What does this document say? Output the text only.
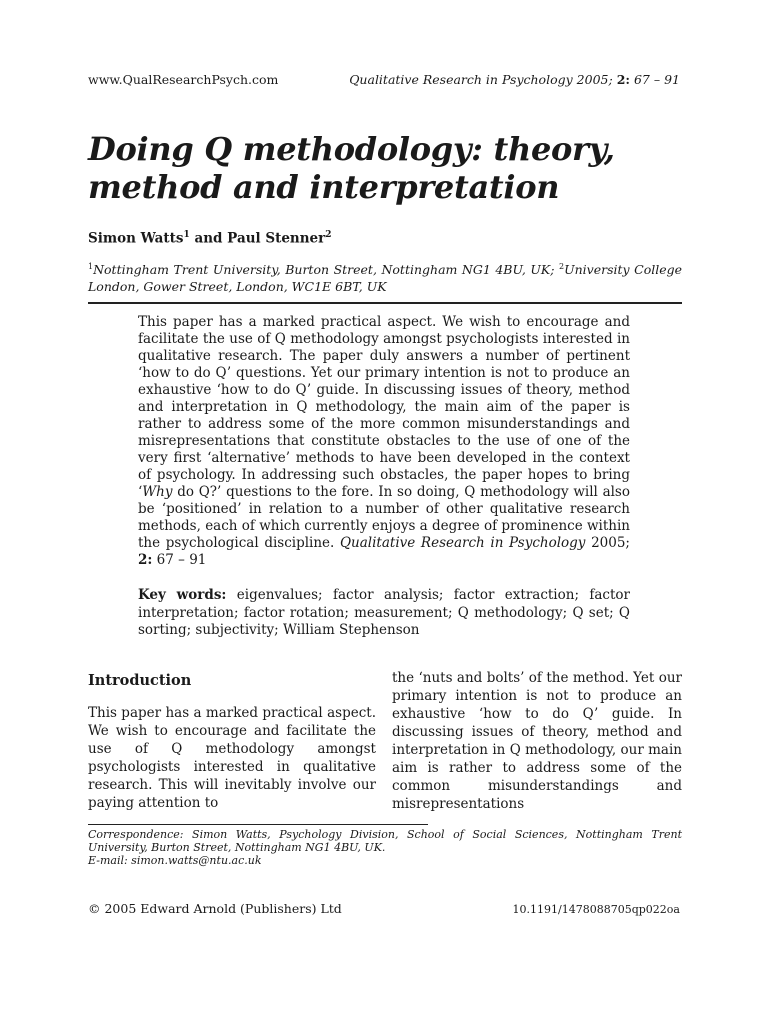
www.QualResearchPsych.com	Qualitative Research in Psychology 2005; 2: 67 – 91
Doing Q methodology: theory, method and interpretation
Simon Watts$^1$ and Paul Stenner$^2$
$^1$Nottingham Trent University, Burton Street, Nottingham NG1 4BU, UK; $^2$University College London, Gower Street, London, WC1E 6BT, UK

This paper has a marked practical aspect. We wish to encourage and facilitate the use of Q methodology amongst psychologists interested in qualitative research. The paper duly answers a number of pertinent ‘how to do Q’ questions. Yet our primary intention is not to produce an exhaustive ‘how to do Q’ guide. In discussing issues of theory, method and interpretation in Q methodology, the main aim of the paper is rather to address some of the more common misunderstandings and misrepresentations that constitute obstacles to the use of one of the very first ‘alternative’ methods to have been developed in the context of psychology. In addressing such obstacles, the paper hopes to bring ‘Why do Q?’ questions to the fore. In so doing, Q methodology will also be ‘positioned’ in relation to a number of other qualitative research methods, each of which currently enjoys a degree of prominence within the psychological discipline. Qualitative Research in Psychology 2005; 2: 67 – 91

Key words: eigenvalues; factor analysis; factor extraction; factor interpretation; factor rotation; measurement; Q methodology; Q set; Q sorting; subjectivity; William Stephenson

Introduction

This paper has a marked practical aspect. We wish to encourage and facilitate the use of Q methodology amongst psychologists interested in qualitative research. This will inevitably involve our paying attention to

the ‘nuts and bolts’ of the method. Yet our primary intention is not to produce an exhaustive ‘how to do Q’ guide. In discussing issues of theory, method and interpretation in Q methodology, our main aim is rather to address some of the common misunderstandings and misrepresentations

Correspondence: Simon Watts, Psychology Division, School of Social Sciences, Nottingham Trent University, Burton Street, Nottingham NG1 4BU, UK.
E-mail: simon.watts@ntu.ac.uk
© 2005 Edward Arnold (Publishers) Ltd	10.1191/1478088705qp022oa
